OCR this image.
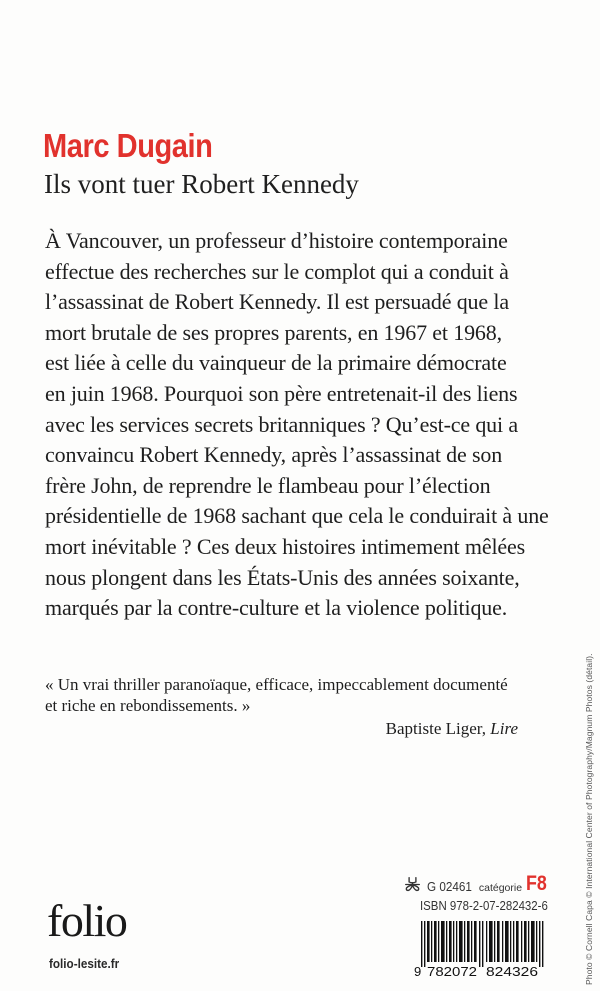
Marc Dugain
Ils vont tuer Robert Kennedy
À Vancouver, un professeur d’histoire contemporaine
effectue des recherches sur le complot qui a conduit à
l’assassinat de Robert Kennedy. Il est persuadé que la
mort brutale de ses propres parents, en 1967 et 1968,
est liée à celle du vainqueur de la primaire démocrate
en juin 1968. Pourquoi son père entretenait-il des liens
avec les services secrets britanniques ? Qu’est-ce qui a
convaincu Robert Kennedy, après l’assassinat de son
frère John, de reprendre le flambeau pour l’élection
présidentielle de 1968 sachant que cela le conduirait à une
mort inévitable ? Ces deux histoires intimement mêlées
nous plongent dans les États-Unis des années soixante,
marqués par la contre-culture et la violence politique.
« Un vrai thriller paranoïaque, efficace, impeccablement documenté
et riche en rebondissements. »
Baptiste Liger, Lire	Photo © Cornell Capa © International Center of Photography/Magnum Photos (détail).
folio
folio-lesite.fr
G 02461 catégorie F8
ISBN 978-2-07-282432-6
9 782072 824326
